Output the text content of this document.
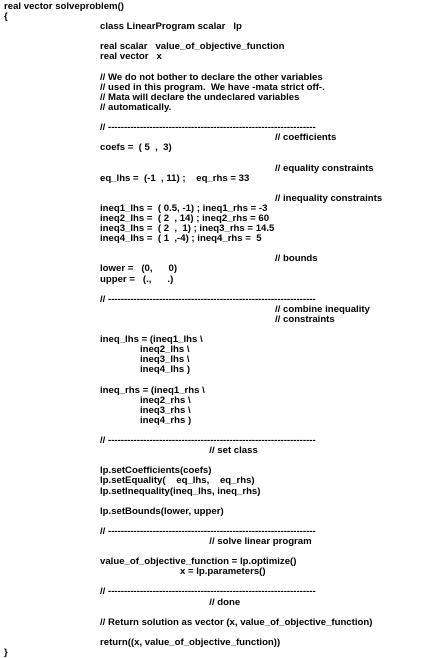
real vector solveproblem()
{
class LinearProgram scalar   lp
real scalar   value_of_objective_function
real vector   x
// We do not bother to declare the other variables
// used in this program.  We have -mata strict off-.
// Mata will declare the undeclared variables
// automatically.
// -----------------------------------------------------------------
// coefficients
coefs =  ( 5  ,  3)
// equality constraints
eq_lhs =  (-1  , 11) ;    eq_rhs = 33
// inequality constraints
ineq1_lhs =  ( 0.5, -1) ; ineq1_rhs = -3
ineq2_lhs =  ( 2  , 14) ; ineq2_rhs = 60
ineq3_lhs =  ( 2  ,  1) ; ineq3_rhs = 14.5
ineq4_lhs =  ( 1  ,-4) ; ineq4_rhs =  5
// bounds
lower =   (0,      0)
upper =   (.,      .)
// -----------------------------------------------------------------
// combine inequality
// constraints
ineq_lhs = (ineq1_lhs \
ineq2_lhs \
ineq3_lhs \
ineq4_lhs )
ineq_rhs = (ineq1_rhs \
ineq2_rhs \
ineq3_rhs \
ineq4_rhs )
// -----------------------------------------------------------------
// set class
lp.setCoefficients(coefs)
lp.setEquality(    eq_lhs,    eq_rhs)
lp.setInequality(ineq_lhs, ineq_rhs)
lp.setBounds(lower, upper)
// -----------------------------------------------------------------
// solve linear program
value_of_objective_function = lp.optimize()
x = lp.parameters()
// -----------------------------------------------------------------
// done
// Return solution as vector (x, value_of_objective_function)
return((x, value_of_objective_function))
}
